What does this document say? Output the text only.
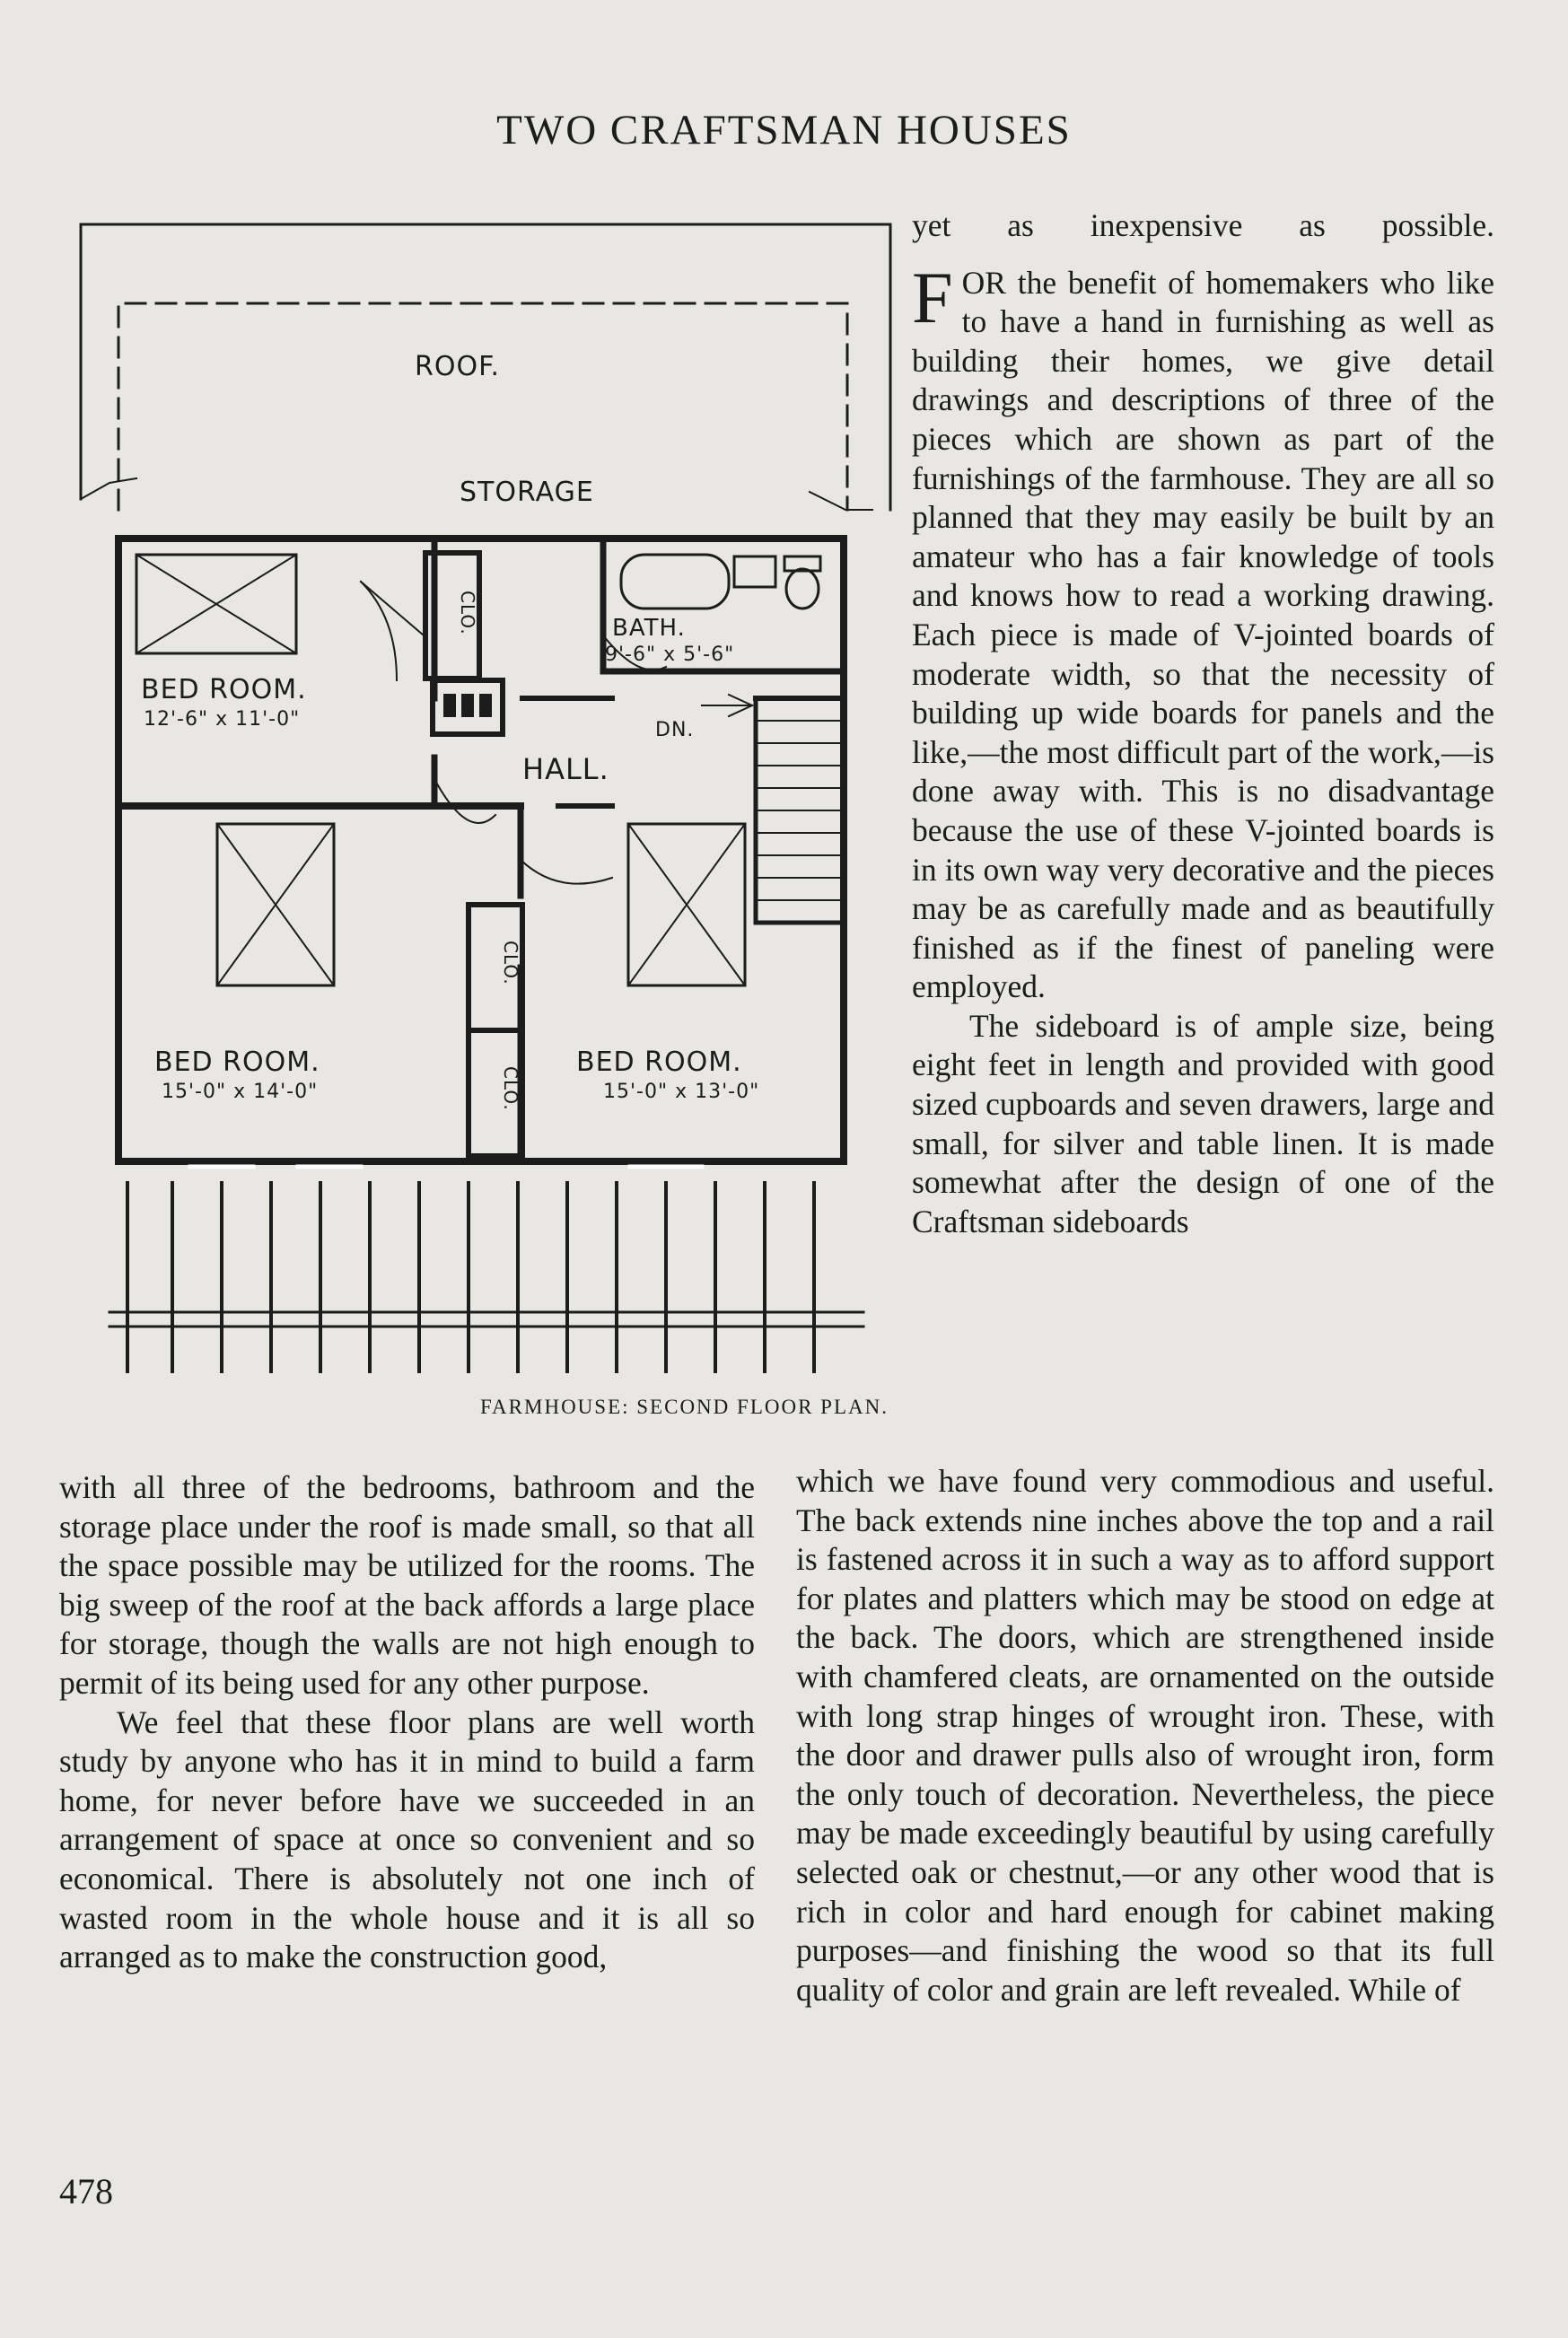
TWO CRAFTSMAN HOUSES
ROOF.
STORAGE
BATH.
9'-6" x 5'-6"
DN.
HALL.
BED ROOM.
12'-6" x 11'-0"
BED ROOM.
15'-0" x 14'-0"
BED ROOM.
15'-0" x 13'-0"
CLO.
CLO.
CLO.
FARMHOUSE: SECOND FLOOR PLAN.

yet as inexpensive as possible.

FOR the benefit of homemakers who like to have a hand in furnishing as well as building their homes, we give detail drawings and descriptions of three of the pieces which are shown as part of the furnishings of the farmhouse. They are all so planned that they may easily be built by an amateur who has a fair knowledge of tools and knows how to read a working drawing. Each piece is made of V-jointed boards of moderate width, so that the necessity of building up wide boards for panels and the like,—the most difficult part of the work,—is done away with. This is no disadvantage because the use of these V-jointed boards is in its own way very decorative and the pieces may be as carefully made and as beautifully finished as if the finest of paneling were employed.

The sideboard is of ample size, being eight feet in length and provided with good sized cupboards and seven drawers, large and small, for silver and table linen. It is made somewhat after the design of one of the Craftsman sideboards

which we have found very commodious and useful. The back extends nine inches above the top and a rail is fastened across it in such a way as to afford support for plates and platters which may be stood on edge at the back. The doors, which are strengthened inside with chamfered cleats, are ornamented on the outside with long strap hinges of wrought iron. These, with the door and drawer pulls also of wrought iron, form the only touch of decoration. Nevertheless, the piece may be made exceedingly beautiful by using carefully selected oak or chestnut,—or any other wood that is rich in color and hard enough for cabinet making purposes—and finishing the wood so that its full quality of color and grain are left revealed. While of

with all three of the bedrooms, bathroom and the storage place under the roof is made small, so that all the space possible may be utilized for the rooms. The big sweep of the roof at the back affords a large place for storage, though the walls are not high enough to permit of its being used for any other purpose.

We feel that these floor plans are well worth study by anyone who has it in mind to build a farm home, for never before have we succeeded in an arrangement of space at once so convenient and so economical. There is absolutely not one inch of wasted room in the whole house and it is all so arranged as to make the construction good,

478
